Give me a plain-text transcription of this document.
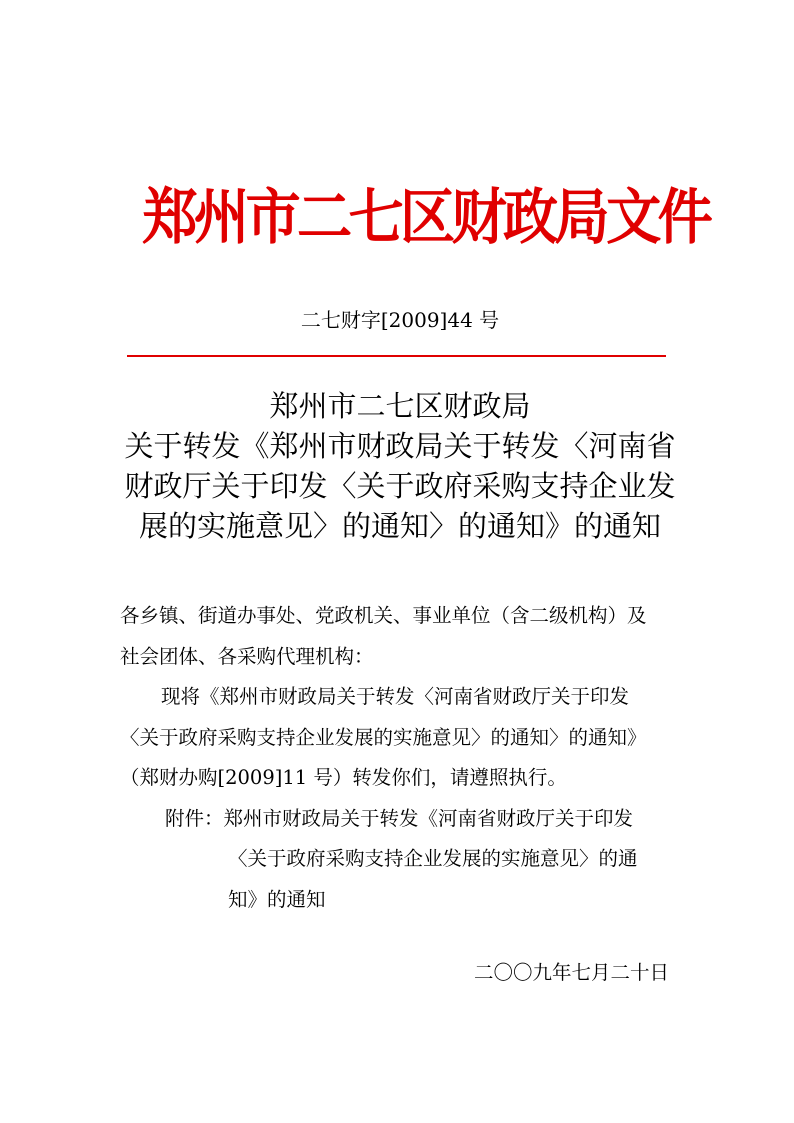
郑州市二七区财政局文件
二七财字[2009]44 号
郑州市二七区财政局
关于转发《郑州市财政局关于转发〈河南省
财政厅关于印发〈关于政府采购支持企业发
展的实施意见〉的通知〉的通知》的通知
各乡镇、街道办事处、党政机关、事业单位（含二级机构）及
社会团体、各采购代理机构：
现将《郑州市财政局关于转发〈河南省财政厅关于印发
〈关于政府采购支持企业发展的实施意见〉的通知〉的通知》
（郑财办购[2009]11 号）转发你们，请遵照执行。
附件：郑州市财政局关于转发《河南省财政厅关于印发
〈关于政府采购支持企业发展的实施意见〉的通
知》的通知
二〇〇九年七月二十日
